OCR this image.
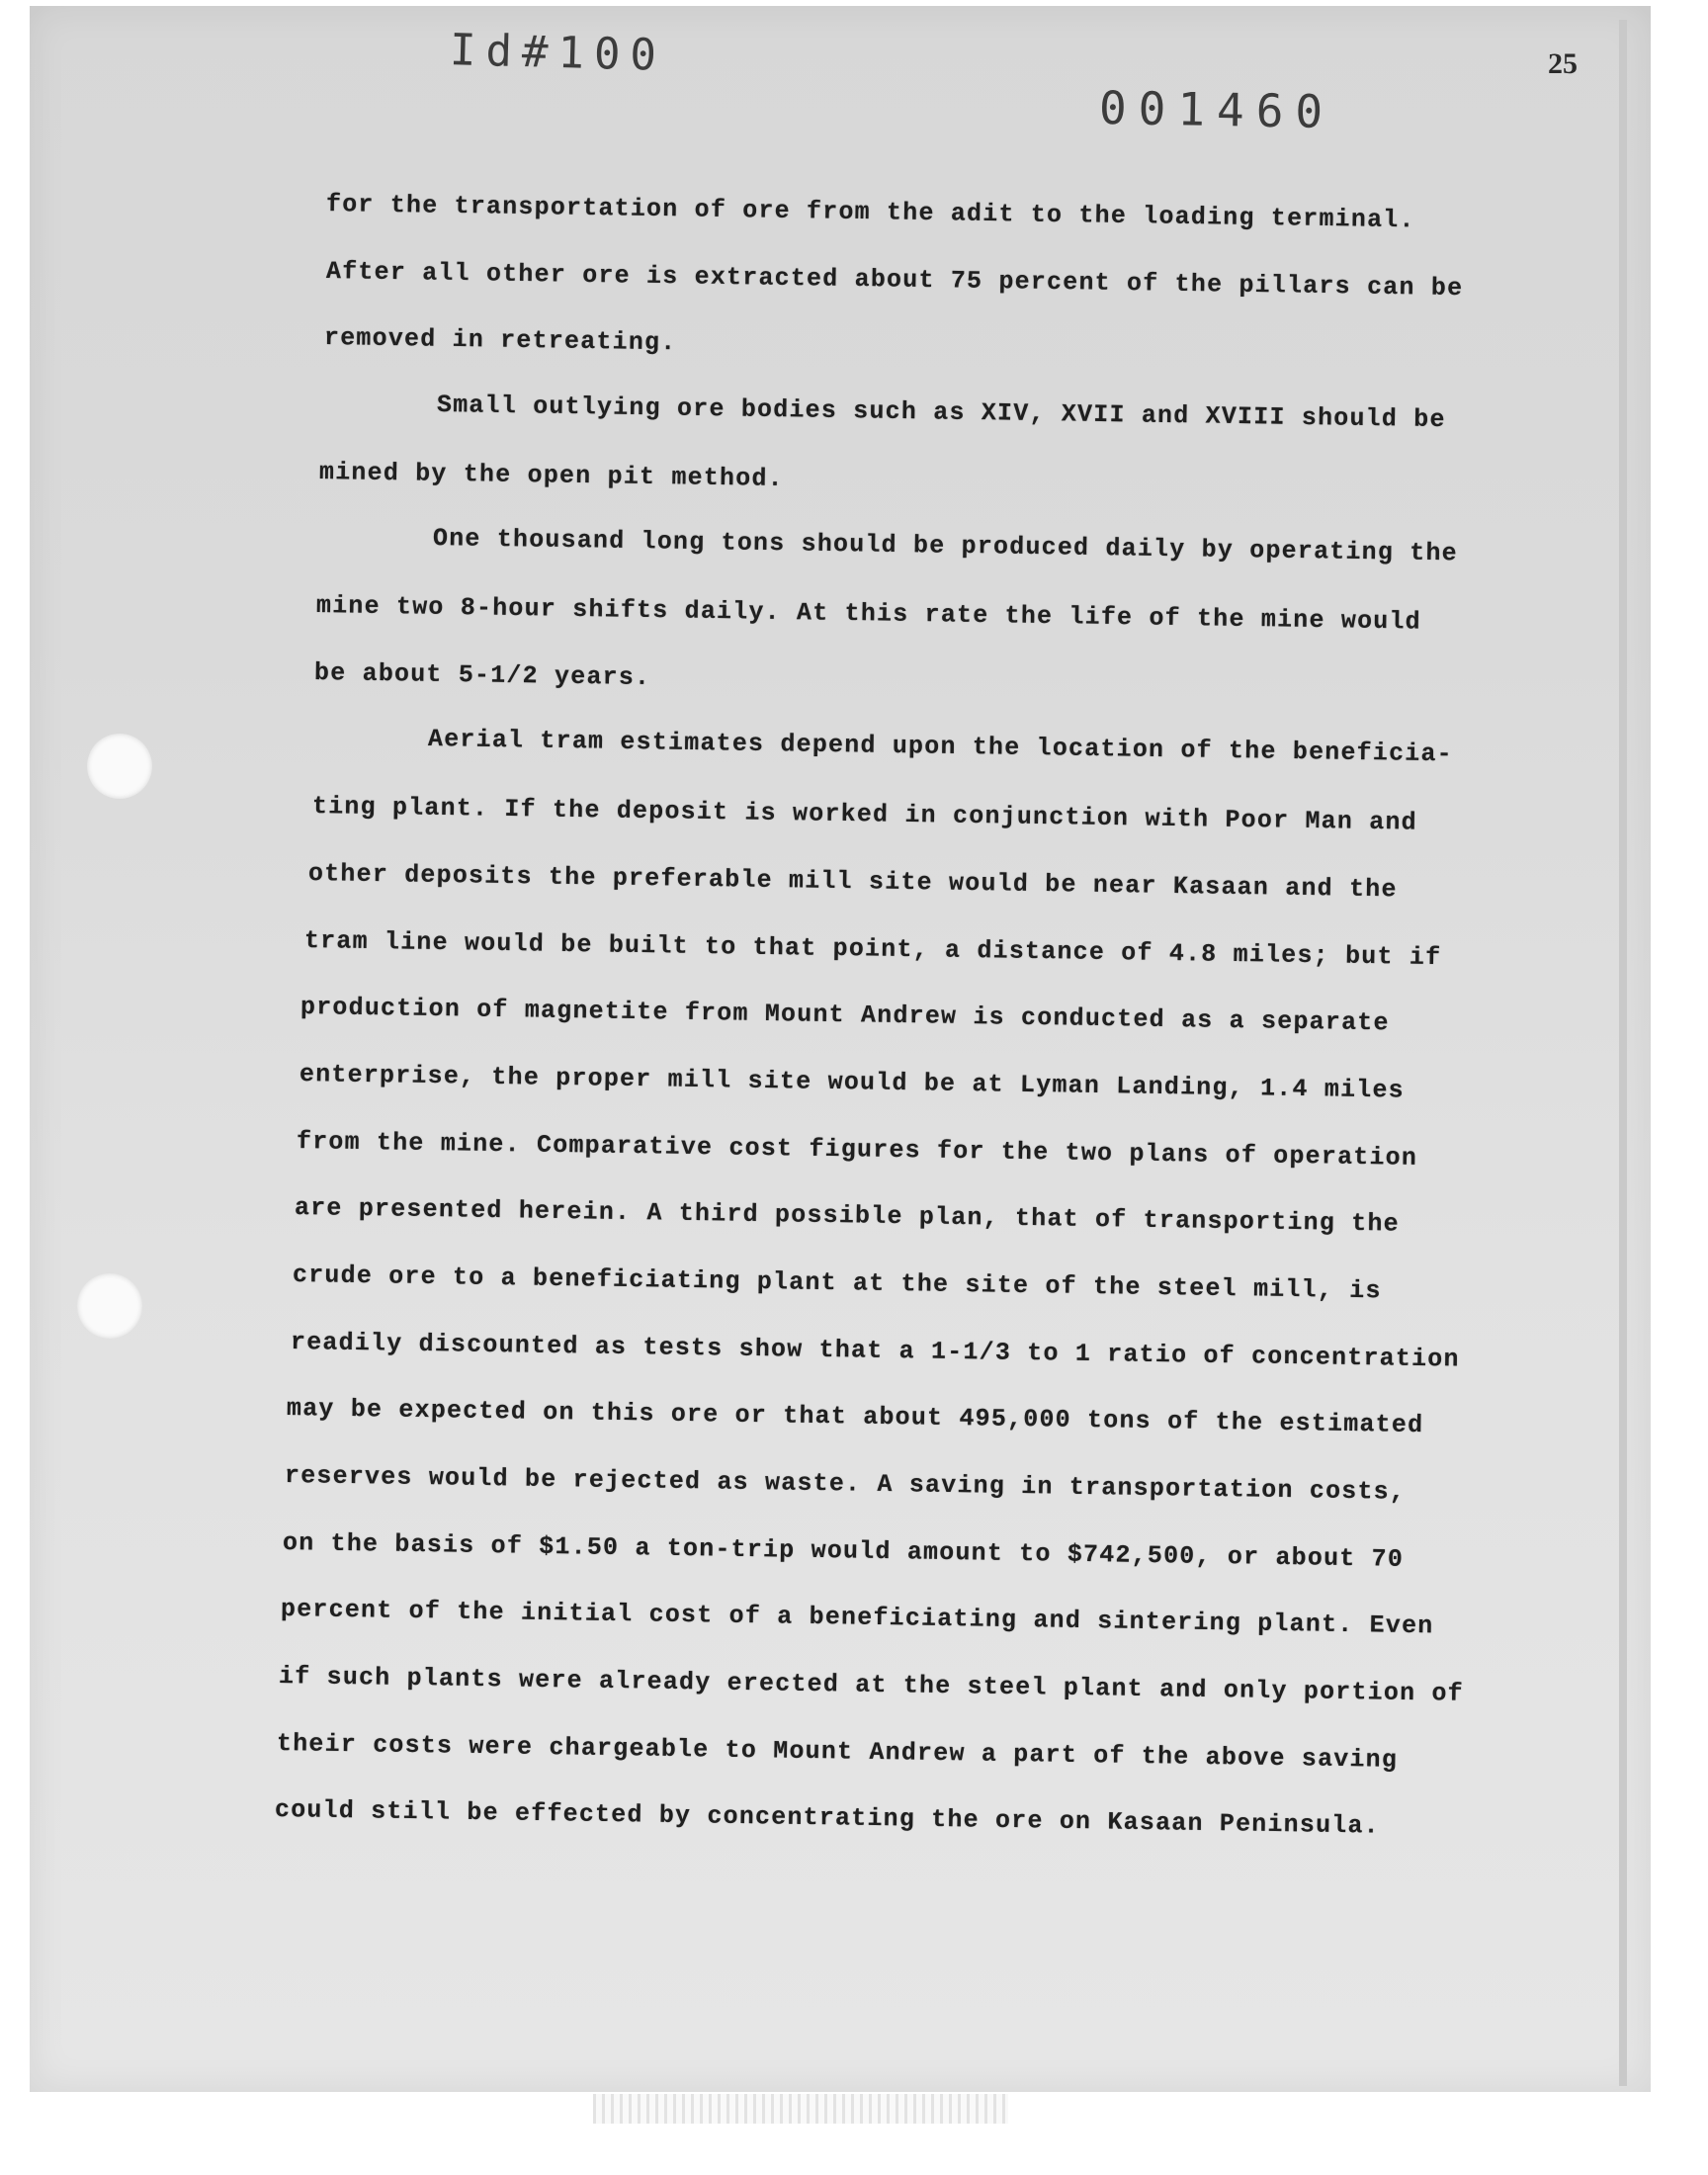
Id#100
001460
25
for the transportation of ore from the adit to the loading terminal.
After all other ore is extracted about 75 percent of the pillars can be
removed in retreating.
Small outlying ore bodies such as XIV, XVII and XVIII should be
mined by the open pit method.
One thousand long tons should be produced daily by operating the
mine two 8-hour shifts daily. At this rate the life of the mine would
be about 5-1/2 years.
Aerial tram estimates depend upon the location of the beneficia-
ting plant. If the deposit is worked in conjunction with Poor Man and
other deposits the preferable mill site would be near Kasaan and the
tram line would be built to that point, a distance of 4.8 miles; but if
production of magnetite from Mount Andrew is conducted as a separate
enterprise, the proper mill site would be at Lyman Landing, 1.4 miles
from the mine. Comparative cost figures for the two plans of operation
are presented herein. A third possible plan, that of transporting the
crude ore to a beneficiating plant at the site of the steel mill, is
readily discounted as tests show that a 1-1/3 to 1 ratio of concentration
may be expected on this ore or that about 495,000 tons of the estimated
reserves would be rejected as waste. A saving in transportation costs,
on the basis of $1.50 a ton-trip would amount to $742,500, or about 70
percent of the initial cost of a beneficiating and sintering plant. Even
if such plants were already erected at the steel plant and only portion of
their costs were chargeable to Mount Andrew a part of the above saving
could still be effected by concentrating the ore on Kasaan Peninsula.
